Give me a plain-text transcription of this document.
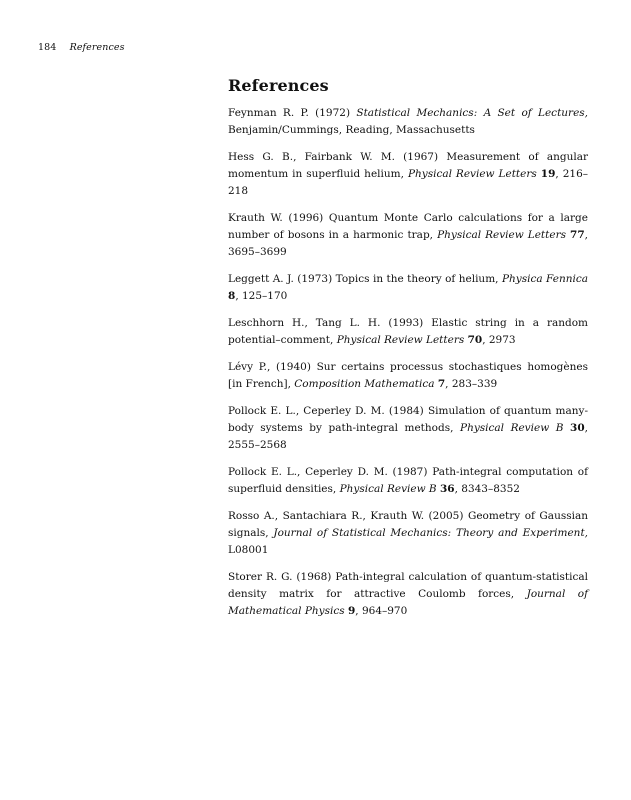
184 References
References
Feynman R. P. (1972) Statistical Mechanics: A Set of Lectures, Benjamin/Cummings, Reading, Massachusetts
Hess G. B., Fairbank W. M. (1967) Measurement of angular momentum in superfluid helium, Physical Review Letters 19, 216–218
Krauth W. (1996) Quantum Monte Carlo calculations for a large number of bosons in a harmonic trap, Physical Review Letters 77, 3695–3699
Leggett A. J. (1973) Topics in the theory of helium, Physica Fennica 8, 125–170
Leschhorn H., Tang L. H. (1993) Elastic string in a random potential–comment, Physical Review Letters 70, 2973
Lévy P., (1940) Sur certains processus stochastiques homogènes [in French], Composition Mathematica 7, 283–339
Pollock E. L., Ceperley D. M. (1984) Simulation of quantum many-body systems by path-integral methods, Physical Review B 30, 2555–2568
Pollock E. L., Ceperley D. M. (1987) Path-integral computation of superfluid densities, Physical Review B 36, 8343–8352
Rosso A., Santachiara R., Krauth W. (2005) Geometry of Gaussian signals, Journal of Statistical Mechanics: Theory and Experiment, L08001
Storer R. G. (1968) Path-integral calculation of quantum-statistical density matrix for attractive Coulomb forces, Journal of Mathematical Physics 9, 964–970
